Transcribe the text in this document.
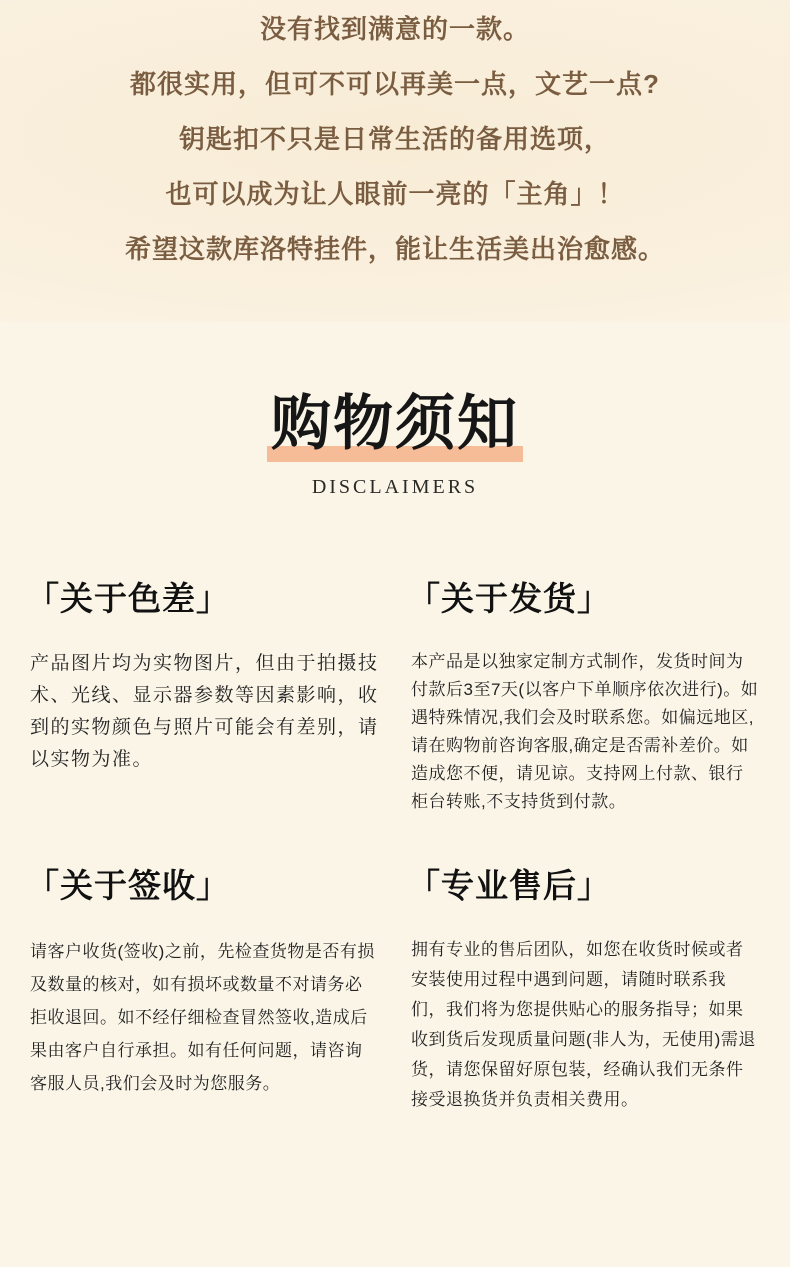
没有找到满意的一款。

都很实用，但可不可以再美一点，文艺一点?

钥匙扣不只是日常生活的备用选项，

也可以成为让人眼前一亮的「主角」！

希望这款库洛特挂件，能让生活美出治愈感。

购物须知
DISCLAIMERS
「关于色差」

产品图片均为实物图片，但由于拍摄技术、光线、显示器参数等因素影响，收到的实物颜色与照片可能会有差别，请以实物为准。

「关于发货」

本产品是以独家定制方式制作，发货时间为付款后3至7天(以客户下单顺序依次进行)。如遇特殊情况,我们会及时联系您。如偏远地区,请在购物前咨询客服,确定是否需补差价。如造成您不便，请见谅。支持网上付款、银行柜台转账,不支持货到付款。

「关于签收」

请客户收货(签收)之前，先检查货物是否有损及数量的核对，如有损坏或数量不对请务必拒收退回。如不经仔细检查冒然签收,造成后果由客户自行承担。如有任何问题，请咨询客服人员,我们会及时为您服务。

「专业售后」

拥有专业的售后团队，如您在收货时候或者安装使用过程中遇到问题，请随时联系我们，我们将为您提供贴心的服务指导；如果收到货后发现质量问题(非人为，无使用)需退货，请您保留好原包装，经确认我们无条件接受退换货并负责相关费用。
